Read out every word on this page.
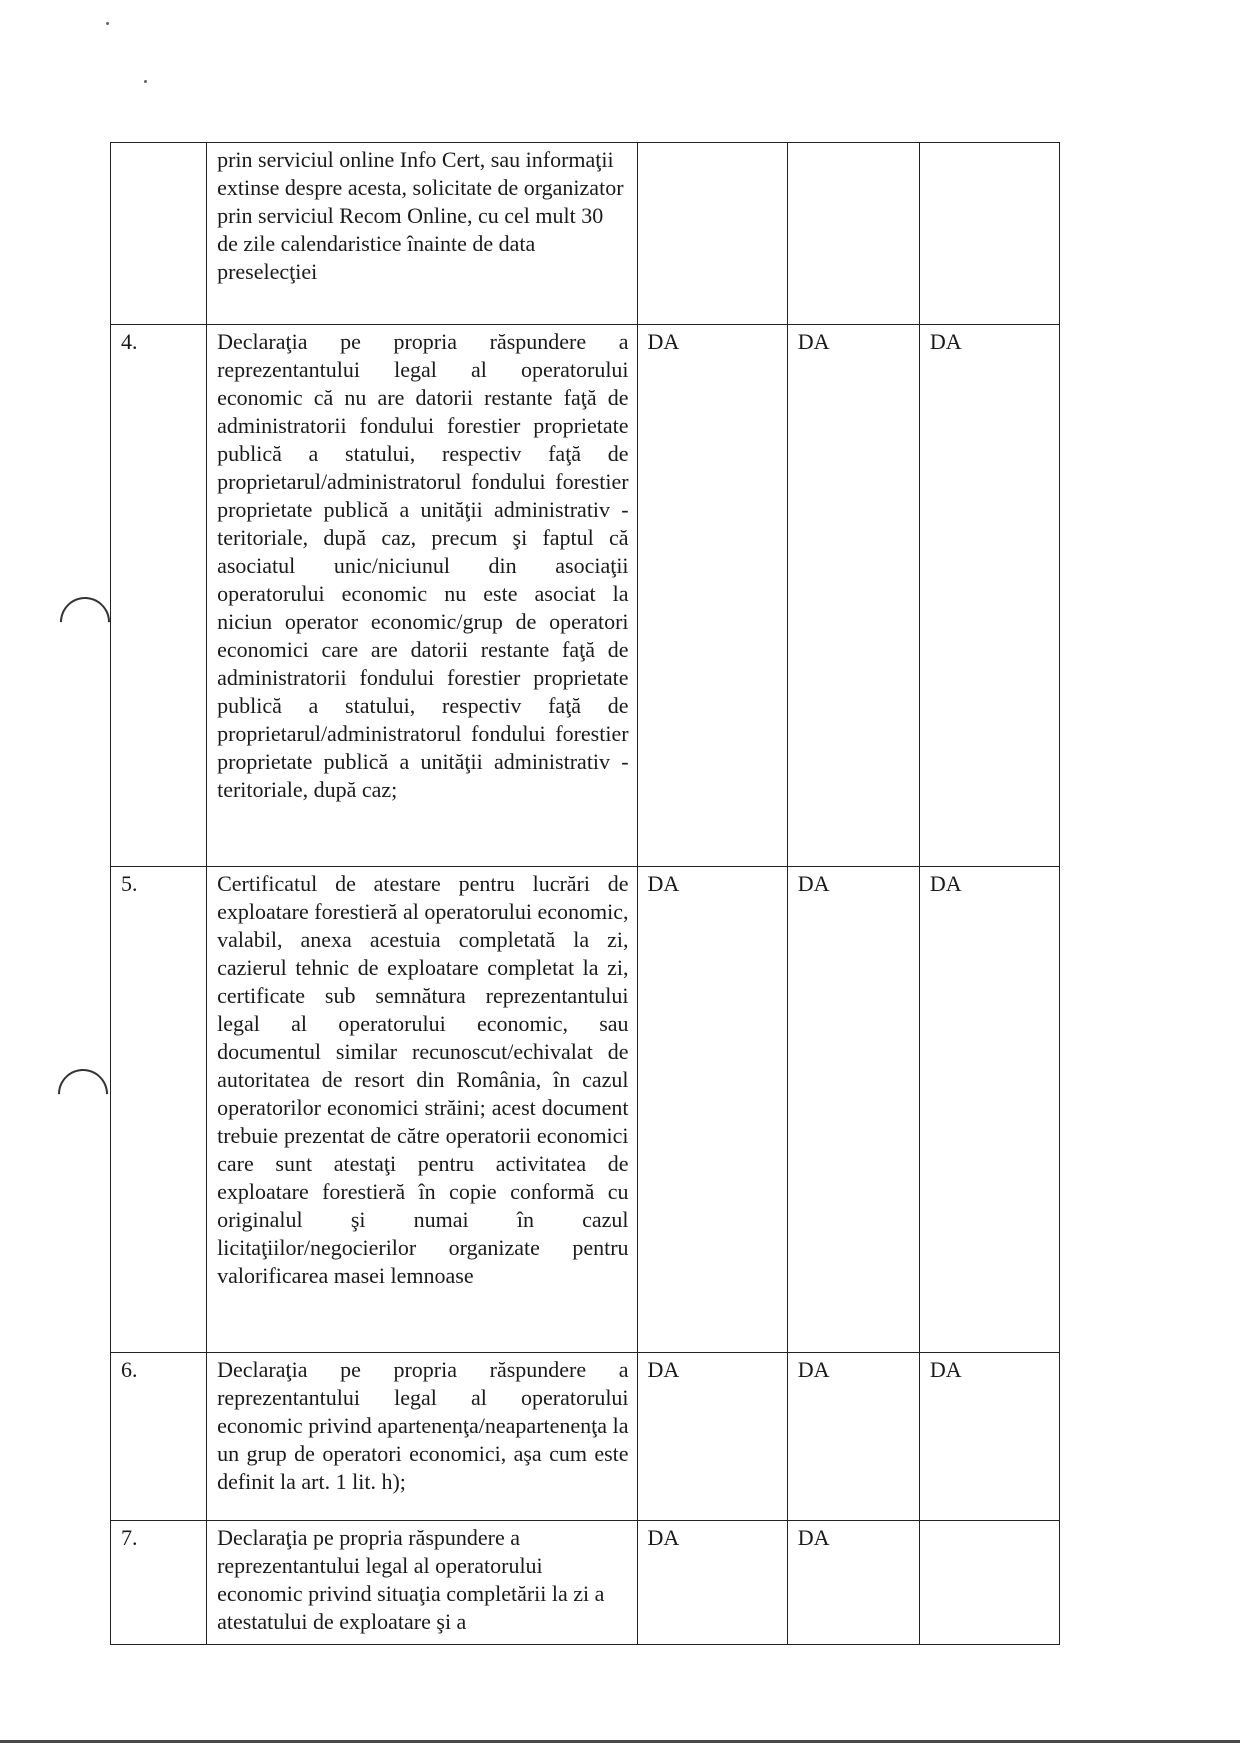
	prin serviciul online Info Cert, sau informaţii extinse despre acesta, solicitate de organizator prin serviciul Recom Online, cu cel mult 30 de zile calendaristice înainte de data preselecţiei			
4.	Declaraţia pe propria răspundere a reprezentantului legal al operatorului economic că nu are datorii restante faţă de administratorii fondului forestier proprietate publică a statului, respectiv faţă de proprietarul/administratorul fondului forestier proprietate publică a unităţii administrativ - teritoriale, după caz, precum şi faptul că asociatul unic/niciunul din asociaţii operatorului economic nu este asociat la niciun operator economic/grup de operatori economici care are datorii restante faţă de administratorii fondului forestier proprietate publică a statului, respectiv faţă de proprietarul/administratorul fondului forestier proprietate publică a unităţii administrativ - teritoriale, după caz;	DA	DA	DA
5.	Certificatul de atestare pentru lucrări de exploatare forestieră al operatorului economic, valabil, anexa acestuia completată la zi, cazierul tehnic de exploatare completat la zi, certificate sub semnătura reprezentantului legal al operatorului economic, sau documentul similar recunoscut/echivalat de autoritatea de resort din România, în cazul operatorilor economici străini; acest document trebuie prezentat de către operatorii economici care sunt atestaţi pentru activitatea de exploatare forestieră în copie conformă cu originalul şi numai în cazul licitaţiilor/negocierilor organizate pentru valorificarea masei lemnoase	DA	DA	DA
6.	Declaraţia pe propria răspundere a reprezentantului legal al operatorului economic privind apartenenţa/neapartenenţa la un grup de operatori economici, aşa cum este definit la art. 1 lit. h);	DA	DA	DA
7.	Declaraţia pe propria răspundere a reprezentantului legal al operatorului economic privind situaţia completării la zi a atestatului de exploatare şi a	DA	DA	
